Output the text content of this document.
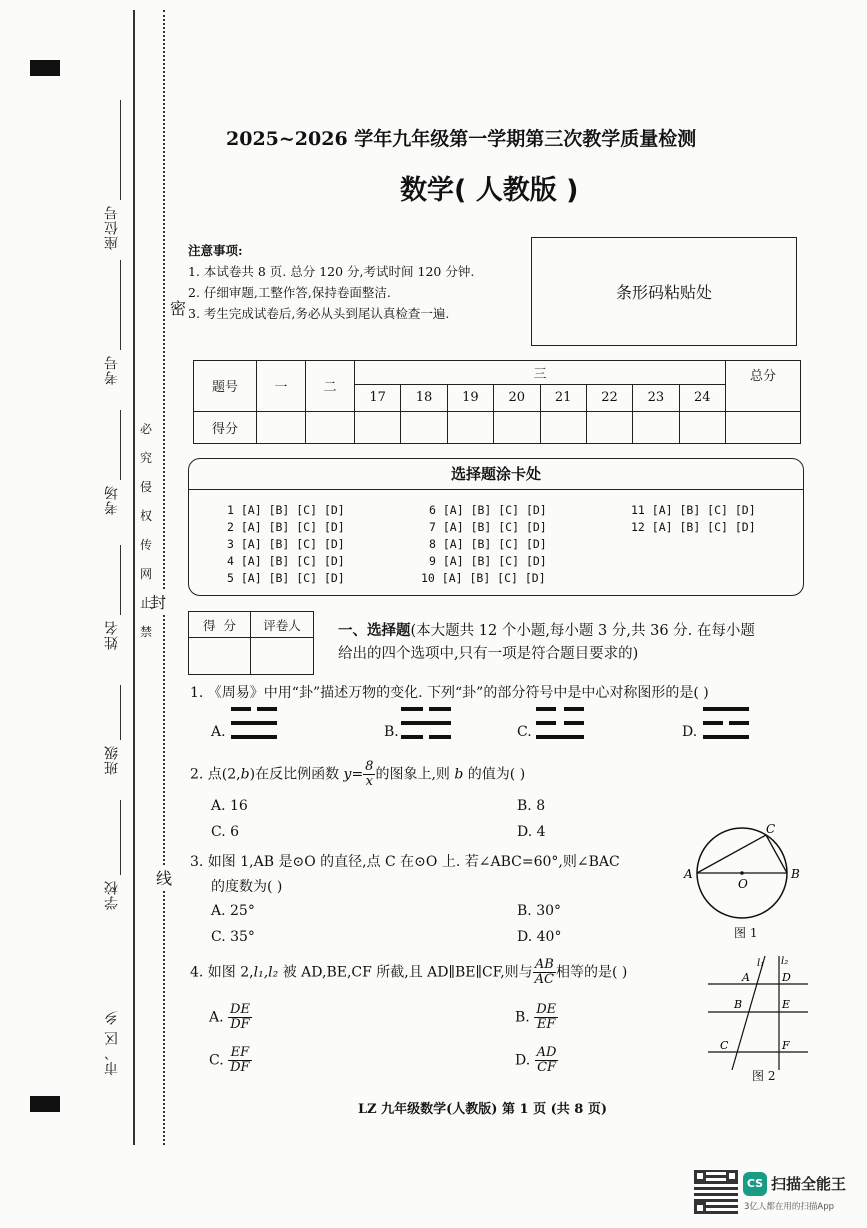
座位号
考号
考场
姓名
班级
学校
市、区 乡
密
封
线
必
究
侵
权
传
网
止
禁
2025~2026 学年九年级第一学期第三次教学质量检测
数学( 人教版 )
注意事项:
1. 本试卷共 8 页. 总分 120 分,考试时间 120 分钟.
2. 仔细审题,工整作答,保持卷面整洁.
3. 考生完成试卷后,务必从头到尾认真检查一遍.
条形码粘贴处
题号	一	二	三								总分
			17	18	19	20	21	22	23	24	
得分											
选择题涂卡处
1 [A] [B] [C] [D]
2 [A] [B] [C] [D]
3 [A] [B] [C] [D]
4 [A] [B] [C] [D]
5 [A] [B] [C] [D]
6 [A] [B] [C] [D]
7 [A] [B] [C] [D]
8 [A] [B] [C] [D]
9 [A] [B] [C] [D]
10 [A] [B] [C] [D]
11 [A] [B] [C] [D]
12 [A] [B] [C] [D]
得  分	评卷人	一、选择题(本大题共 12 个小题,每小题 3 分,共 36 分. 在每小题
给出的四个选项中,只有一项是符合题目要求的)
1. 《周易》中用“卦”描述万物的变化. 下列“卦”的部分符号中是中心对称图形的是( )
A.	B.	C.	D.
2. 点(2,b)在反比例函数 $y= \frac{8}{x}$ 的图象上,则 b 的值为( )
A. 16	B. 8
C. 6	D. 4
3. 如图 1,AB 是⊙O 的直径,点 C 在⊙O 上. 若∠ABC=60°,则∠BAC
的度数为( )
A. 25°	B. 30°
C. 35°	D. 40°
A	B
C
O
图 1
4. 如图 2,l₁,l₂ 被 AD,BE,CF 所截,且 AD∥BE∥CF,则与 $\frac{AB}{AC}$ 相等的是( )
A. $\frac{DE}{DF}$	B. $\frac{DE}{EF}$
C. $\frac{EF}{DF}$	D. $\frac{AD}{CF}$
A
B
C
D
E
F
l₁ l₂
图 2
LZ 九年级数学(人教版) 第 1 页 (共 8 页)
CS 扫描全能王
3亿人都在用的扫描App
